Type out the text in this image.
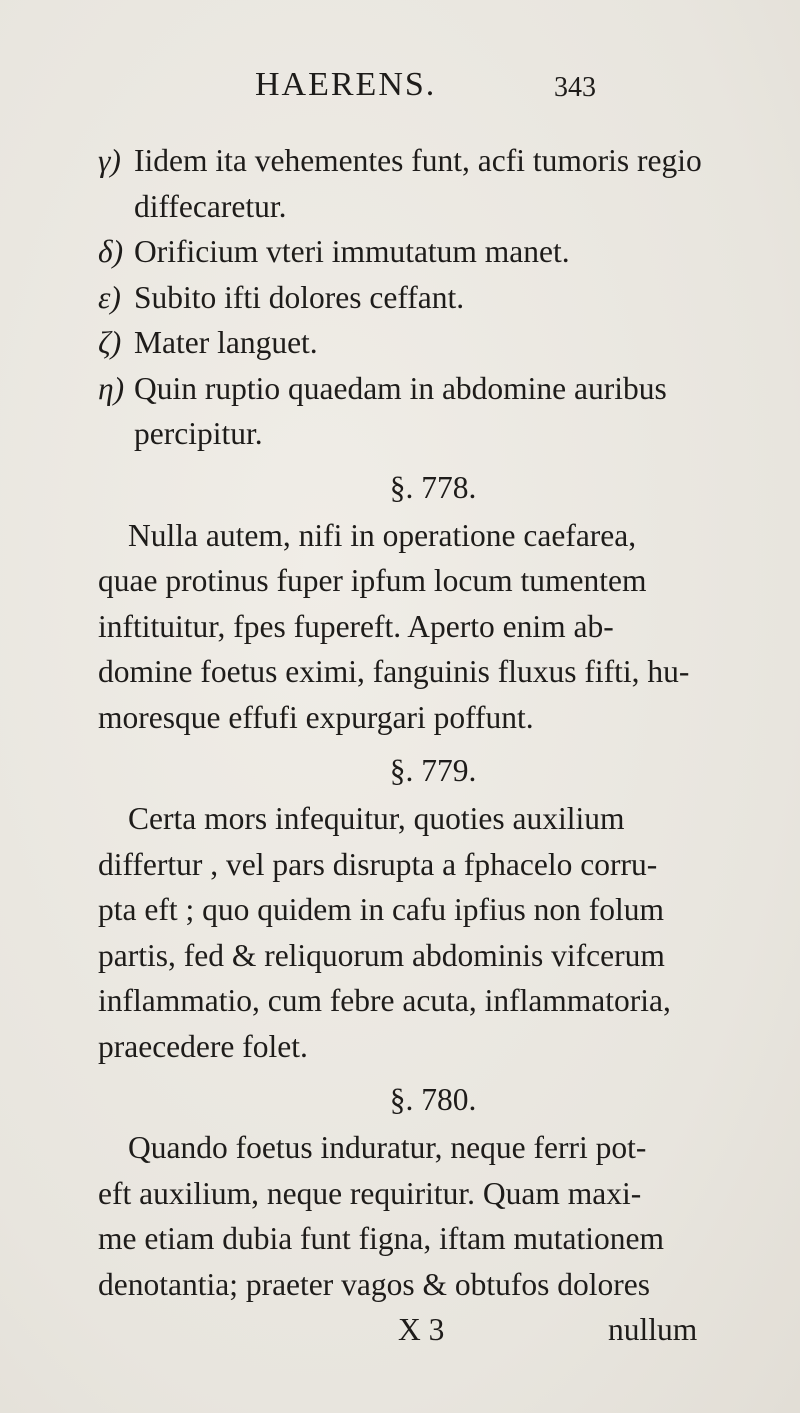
HAERENS.	343
γ) Iidem ita vehementes funt, acfi tumoris regio
diffecaretur.
δ) Orificium vteri immutatum manet.
ε) Subito ifti dolores ceffant.
ζ) Mater languet.
η) Quin ruptio quaedam in abdomine auribus
percipitur.
§. 778.
Nulla autem, nifi in operatione caefarea,
quae protinus fuper ipfum locum tumentem
inftituitur, fpes fupereft. Aperto enim ab-
domine foetus eximi, fanguinis fluxus fifti, hu-
moresque effufi expurgari poffunt.
§. 779.
Certa mors infequitur, quoties auxilium
differtur , vel pars disrupta a fphacelo corru-
pta eft ; quo quidem in cafu ipfius non folum
partis, fed & reliquorum abdominis vifcerum
inflammatio, cum febre acuta, inflammatoria,
praecedere folet.
§. 780.
Quando foetus induratur, neque ferri pot-
eft auxilium, neque requiritur. Quam maxi-
me etiam dubia funt figna, iftam mutationem
denotantia; praeter vagos & obtufos dolores
X 3	nullum
